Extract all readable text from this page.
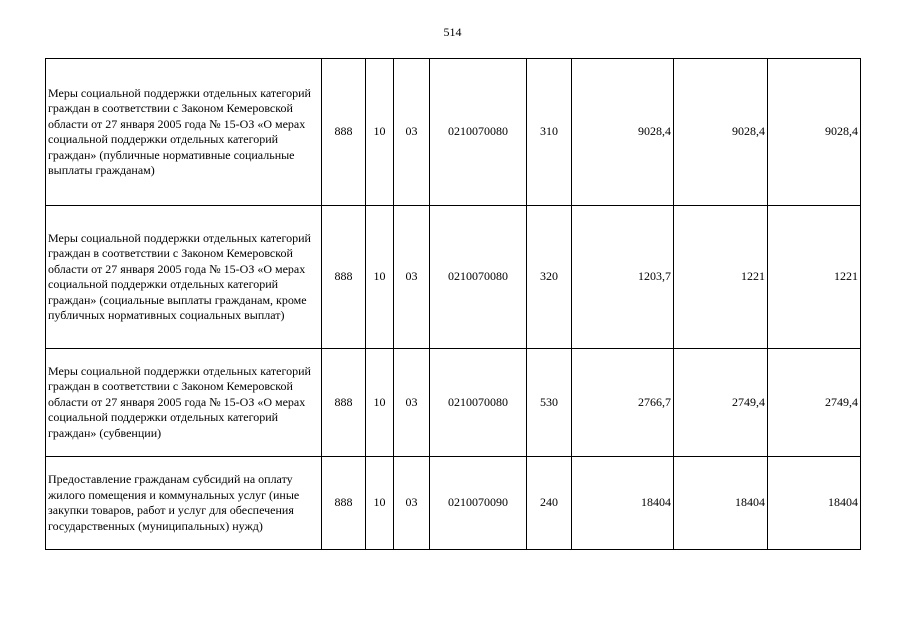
514
Меры социальной поддержки отдельных категорий граждан в соответствии с Законом Кемеровской области от 27 января 2005 года № 15-ОЗ «О мерах социальной поддержки отдельных категорий граждан» (публичные нормативные социальные выплаты гражданам)	888	10	03	0210070080	310	9028,4	9028,4	9028,4
Меры социальной поддержки отдельных категорий граждан в соответствии с Законом Кемеровской области от 27 января 2005 года № 15-ОЗ «О мерах социальной поддержки отдельных категорий граждан» (социальные выплаты гражданам, кроме публичных нормативных социальных выплат)	888	10	03	0210070080	320	1203,7	1221	1221
Меры социальной поддержки отдельных категорий граждан в соответствии с Законом Кемеровской области от 27 января 2005 года № 15-ОЗ «О мерах социальной поддержки отдельных категорий граждан» (субвенции)	888	10	03	0210070080	530	2766,7	2749,4	2749,4
Предоставление гражданам субсидий на оплату жилого помещения и коммунальных услуг (иные закупки товаров, работ и услуг для обеспечения государственных (муниципальных) нужд)	888	10	03	0210070090	240	18404	18404	18404
